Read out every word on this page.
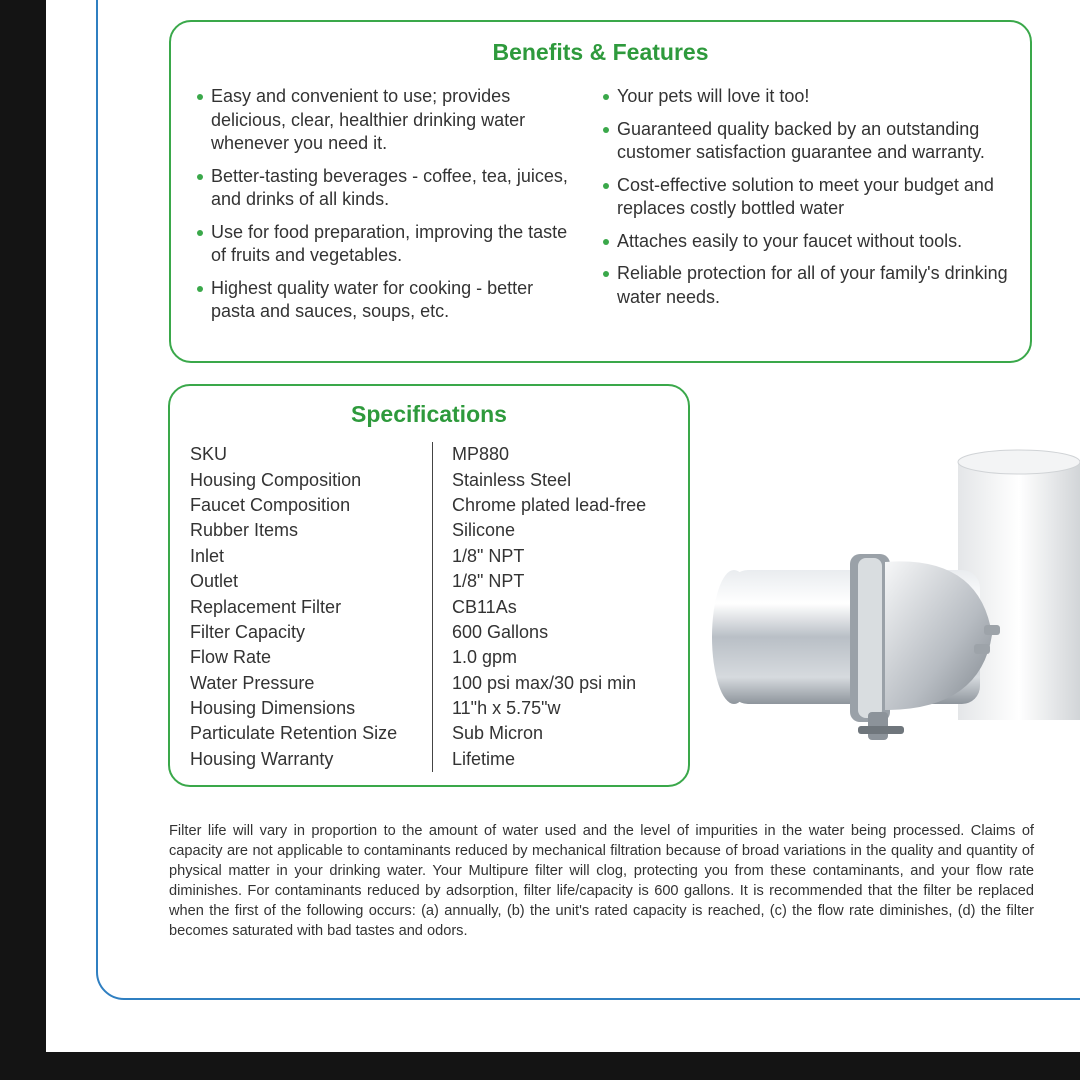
Benefits & Features
Easy and convenient to use; provides delicious, clear, healthier drinking water whenever you need it.
Better-tasting beverages - coffee, tea, juices, and drinks of all kinds.
Use for food preparation, improving the taste of fruits and vegetables.
Highest quality water for cooking - better pasta and sauces, soups, etc.
Your pets will love it too!
Guaranteed quality backed by an outstanding customer satisfaction guarantee and warranty.
Cost-effective solution to meet your budget and replaces costly bottled water
Attaches easily to your faucet without tools.
Reliable protection for all of your family's drinking water needs.
Specifications
SKU	MP880
Housing Composition	Stainless Steel
Faucet Composition	Chrome plated lead-free
Rubber Items	Silicone
Inlet	1/8" NPT
Outlet	1/8" NPT
Replacement Filter	CB11As
Filter Capacity	600 Gallons
Flow Rate	1.0 gpm
Water Pressure	100 psi max/30 psi min
Housing Dimensions	11"h x 5.75"w
Particulate Retention Size	Sub Micron
Housing Warranty	Lifetime

Filter life will vary in proportion to the amount of water used and the level of impurities in the water being processed. Claims of capacity are not applicable to contaminants reduced by mechanical filtration because of broad variations in the quality and quantity of physical matter in your drinking water. Your Multipure filter will clog, protecting you from these contaminants, and your flow rate diminishes. For contaminants reduced by adsorption, filter life/capacity is 600 gallons. It is recommended that the filter be replaced when the first of the following occurs: (a) annually, (b) the unit's rated capacity is reached, (c) the flow rate diminishes, (d) the filter becomes saturated with bad tastes and odors.
